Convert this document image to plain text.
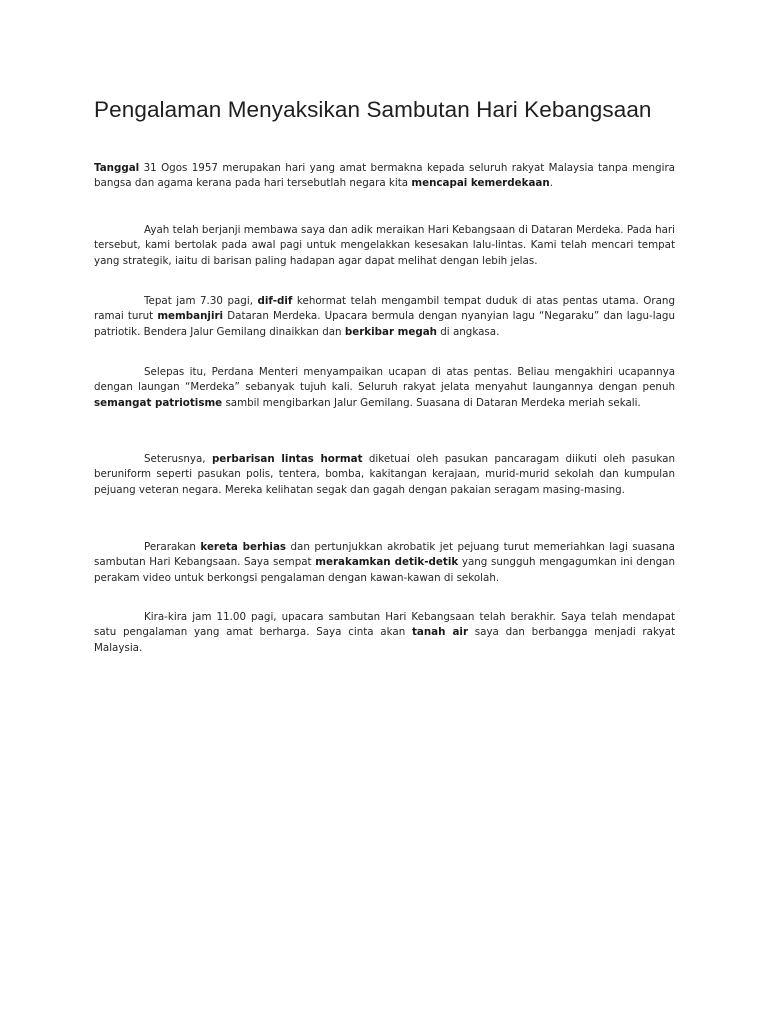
Pengalaman Menyaksikan Sambutan Hari Kebangsaan

Tanggal 31 Ogos 1957 merupakan hari yang amat bermakna kepada seluruh rakyat Malaysia tanpa mengira bangsa dan agama kerana pada hari tersebutlah negara kita mencapai kemerdekaan.

Ayah telah berjanji membawa saya dan adik meraikan Hari Kebangsaan di Dataran Merdeka. Pada hari tersebut, kami bertolak pada awal pagi untuk mengelakkan kesesakan lalu-lintas. Kami telah mencari tempat yang strategik, iaitu di barisan paling hadapan agar dapat melihat dengan lebih jelas.

Tepat jam 7.30 pagi, dif-dif kehormat telah mengambil tempat duduk di atas pentas utama. Orang ramai turut membanjiri Dataran Merdeka. Upacara bermula dengan nyanyian lagu “Negaraku” dan lagu-lagu patriotik. Bendera Jalur Gemilang dinaikkan dan berkibar megah di angkasa.

Selepas itu, Perdana Menteri menyampaikan ucapan di atas pentas. Beliau mengakhiri ucapannya dengan laungan “Merdeka” sebanyak tujuh kali. Seluruh rakyat jelata menyahut laungannya dengan penuh semangat patriotisme sambil mengibarkan Jalur Gemilang. Suasana di Dataran Merdeka meriah sekali.

Seterusnya, perbarisan lintas hormat diketuai oleh pasukan pancaragam diikuti oleh pasukan beruniform seperti pasukan polis, tentera, bomba, kakitangan kerajaan, murid-murid sekolah dan kumpulan pejuang veteran negara. Mereka kelihatan segak dan gagah dengan pakaian seragam masing-masing.

Perarakan kereta berhias dan pertunjukkan akrobatik jet pejuang turut memeriahkan lagi suasana sambutan Hari Kebangsaan. Saya sempat merakamkan detik-detik yang sungguh mengagumkan ini dengan perakam video untuk berkongsi pengalaman dengan kawan-kawan di sekolah.

Kira-kira jam 11.00 pagi, upacara sambutan Hari Kebangsaan telah berakhir. Saya telah mendapat satu pengalaman yang amat berharga. Saya cinta akan tanah air saya dan berbangga menjadi rakyat Malaysia.
